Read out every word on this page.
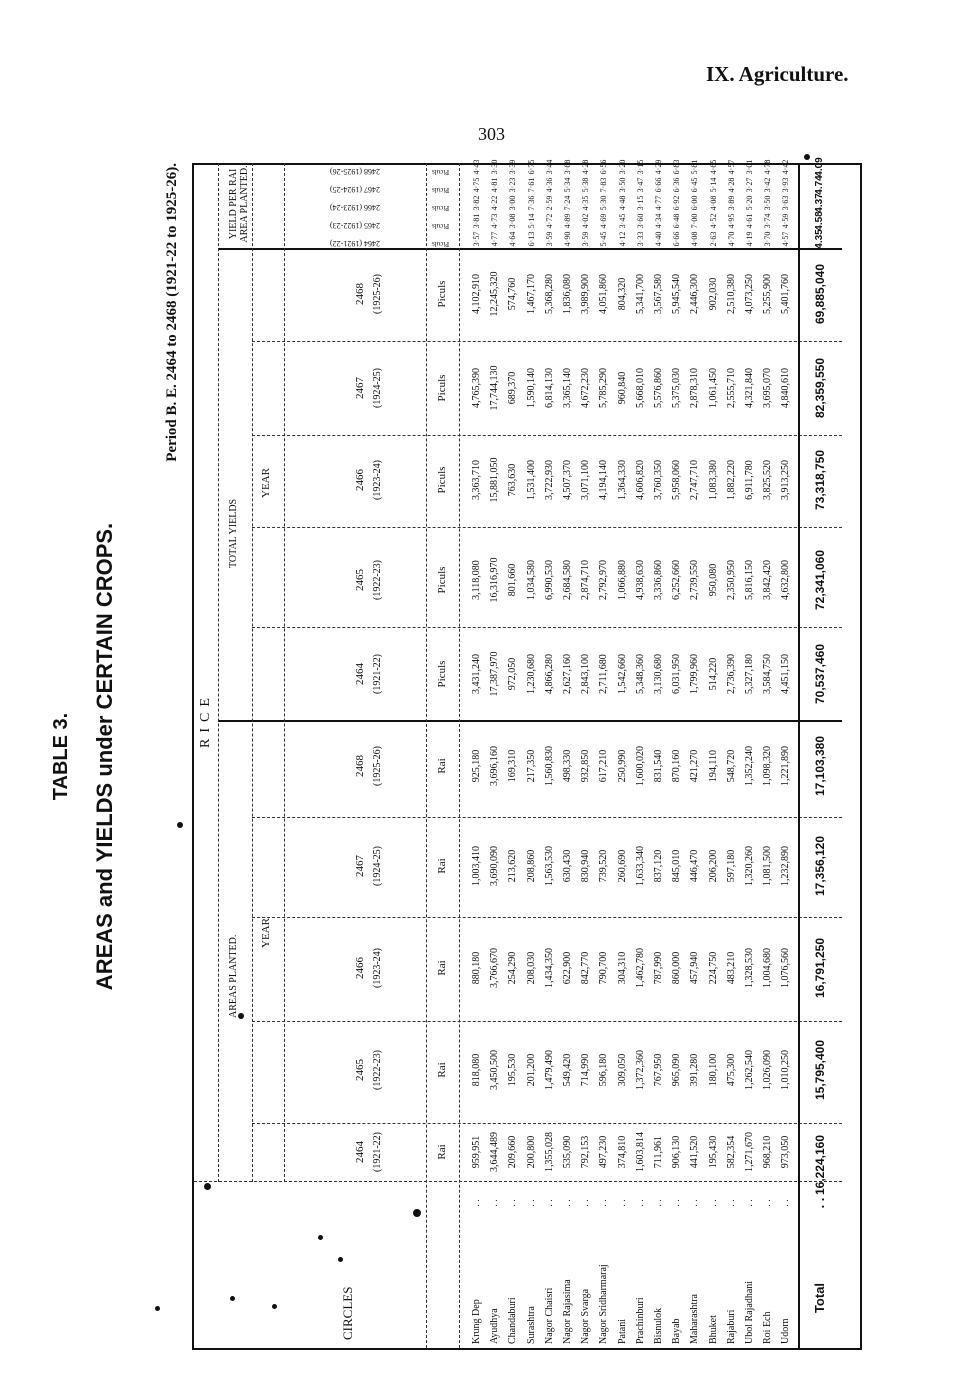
IX. Agriculture.
303
TABLE 3. AREAS and YIELDS under CERTAIN CROPS.
Period B. E. 2464 to 2468 (1921-22 to 1925-26).
RICE
CIRCLES
AREAS PLANTED.
TOTAL YIELDS
YIELD PER RAI AREA PLANTED.
YEAR
YEAR
2464 (1921-22)
2464 (1921-22)
2464 (1921-22)
2465 (1922-23)
2465 (1922-23)
2465 (1922-23)
2466 (1923-24)
2466 (1923-24)
2466 (1923-24)
2467 (1924-25)
2467 (1924-25)
2467 (1924-25)
2468 (1925-26)
2468 (1925-26)
2468 (1925-26)
Rai
Rai
Rai
Rai
Rai
Piculs
Piculs
Piculs
Piculs
Piculs
Piculs
Piculs
Piculs
Piculs
Piculs
Krung Dep
. .
959,951
818,080
880,180
1,003,410
925,180
3,431,240
3,118,080
3,363,710
4,765,390
4,102,910
3·57
3·81
3·82
4·75
4·43
Ayudhya
. .
3,644,489
3,450,500
3,766,670
3,690,090
3,696,160
17,387,970
16,316,970
15,881,050
17,744,130
12,245,320
4·77
4·73
4·22
4·81
3·30
Chandaburi
. .
209,660
195,530
254,290
213,620
169,310
972,050
801,660
763,630
689,370
574,760
4·64
3·08
3·00
3·23
3·39
Surashtra
. .
200,800
201,200
208,030
208,860
217,350
1,230,680
1,034,580
1,531,400
1,590,140
1,467,170
6·13
5·14
7·36
7·61
6·75
Nagor Chaisri
. .
1,355,028
1,479,490
1,434,350
1,563,530
1,560,830
4,866,280
6,990,530
3,722,930
6,814,130
5,368,280
3·59
4·72
2·59
4·36
3·44
Nagor Rajasima
. .
535,090
549,420
622,900
630,430
498,330
2,627,160
2,684,580
4,507,370
3,365,140
1,836,080
4·90
4·89
7·24
5·34
3·68
Nagor Svarga
. .
792,153
714,990
842,770
830,940
932,850
2,843,100
2,874,710
3,071,100
4,672,230
3,989,900
3·59
4·02
4·35
5·38
4·28
Nagor Sridharmaraj
. .
497,230
596,180
790,700
739,520
617,210
2,711,680
2,792,970
4,194,140
5,785,290
4,051,860
5·45
4·69
5·30
7·83
6·56
Patani
. .
374,810
309,050
304,310
260,690
250,990
1,542,660
1,066,880
1,364,330
960,840
804,320
4·12
3·45
4·48
3·50
3·20
Prachinburi
. .
1,603,814
1,372,360
1,462,780
1,633,340
1,600,020
5,348,360
4,938,630
4,606,820
5,668,010
5,341,700
3·33
3·60
3·15
3·47
3·15
Bisnulok
. .
711,961
767,950
787,990
837,120
831,540
3,130,680
3,336,860
3,760,350
5,576,860
3,567,580
4·40
4·34
4·77
6·66
4·29
Bayab
. .
906,130
965,090
860,000
845,010
870,160
6,031,950
6,252,660
5,958,060
5,375,030
5,945,540
6·66
6·48
6·92
6·36
6·83
Maharashtra
. .
441,520
391,280
457,940
446,470
421,270
1,799,960
2,739,550
2,747,710
2,878,310
2,446,300
4·08
7·00
6·00
6·45
5·81
Bhuket
. .
195,430
180,100
224,750
206,200
194,110
514,220
950,080
1,083,380
1,061,450
902,030
2·63
4·52
4·08
5·14
4·65
Rajaburi
. .
582,354
475,300
483,210
597,180
548,720
2,736,390
2,350,950
1,882,220
2,555,710
2,510,380
4·70
4·95
3·89
4·28
4·57
Ubol Rajadhani
. .
1,271,670
1,262,540
1,328,530
1,320,260
1,352,240
5,327,180
5,816,150
6,911,780
4,321,840
4,073,250
4·19
4·61
5·20
3·27
3·01
Roi Ech
. .
968,210
1,026,090
1,004,680
1,081,500
1,098,320
3,584,750
3,842,420
3,825,520
3,695,070
5,255,900
3·70
3·74
3·50
3·42
4·78
Udorn
. .
973,050
1,010,250
1,076,560
1,232,890
1,221,890
4,451,150
4,632,800
3,913,250
4,840,610
5,401,760
4·57
4·59
3·63
3·93
4·42
Total
. .
16,224,160
15,795,400
16,791,250
17,356,120
17,103,380
70,537,460
72,341,060
73,318,750
82,359,550
69,885,040
4.35
4.58
4.37
4.74
4.09
